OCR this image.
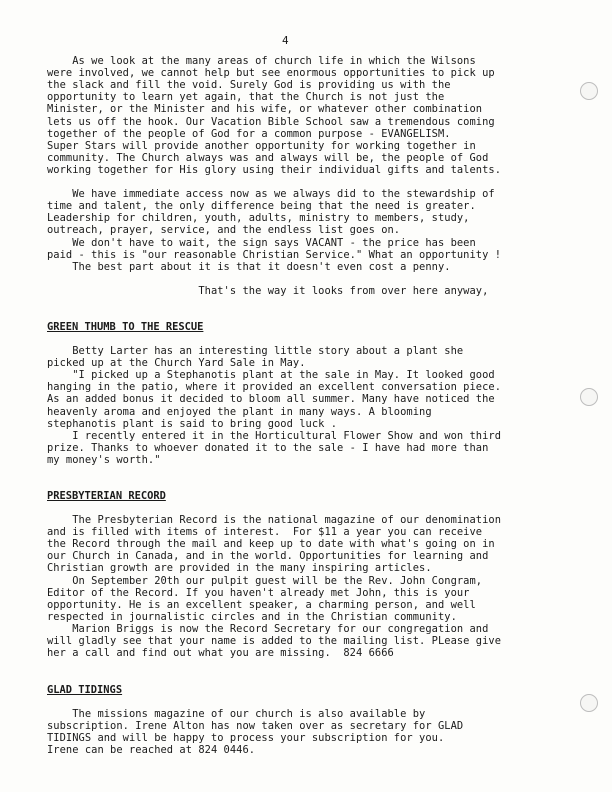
4
As we look at the many areas of church life in which the Wilsons
were involved, we cannot help but see enormous opportunities to pick up
the slack and fill the void. Surely God is providing us with the
opportunity to learn yet again, that the Church is not just the
Minister, or the Minister and his wife, or whatever other combination
lets us off the hook. Our Vacation Bible School saw a tremendous coming
together of the people of God for a common purpose - EVANGELISM.
Super Stars will provide another opportunity for working together in
community. The Church always was and always will be, the people of God
working together for His glory using their individual gifts and talents.
We have immediate access now as we always did to the stewardship of
time and talent, the only difference being that the need is greater.
Leadership for children, youth, adults, ministry to members, study,
outreach, prayer, service, and the endless list goes on.
We don't have to wait, the sign says VACANT - the price has been
paid - this is "our reasonable Christian Service." What an opportunity !
The best part about it is that it doesn't even cost a penny.
That's the way it looks from over here anyway,
GREEN THUMB TO THE RESCUE
Betty Larter has an interesting little story about a plant she
picked up at the Church Yard Sale in May.
"I picked up a Stephanotis plant at the sale in May. It looked good
hanging in the patio, where it provided an excellent conversation piece.
As an added bonus it decided to bloom all summer. Many have noticed the
heavenly aroma and enjoyed the plant in many ways. A blooming
stephanotis plant is said to bring good luck .
I recently entered it in the Horticultural Flower Show and won third
prize. Thanks to whoever donated it to the sale - I have had more than
my money's worth."
PRESBYTERIAN RECORD
The Presbyterian Record is the national magazine of our denomination
and is filled with items of interest.  For $11 a year you can receive
the Record through the mail and keep up to date with what's going on in
our Church in Canada, and in the world. Opportunities for learning and
Christian growth are provided in the many inspiring articles.
On September 20th our pulpit guest will be the Rev. John Congram,
Editor of the Record. If you haven't already met John, this is your
opportunity. He is an excellent speaker, a charming person, and well
respected in journalistic circles and in the Christian community.
Marion Briggs is now the Record Secretary for our congregation and
will gladly see that your name is added to the mailing list. PLease give
her a call and find out what you are missing.  824 6666
GLAD TIDINGS
The missions magazine of our church is also available by
subscription. Irene Alton has now taken over as secretary for GLAD
TIDINGS and will be happy to process your subscription for you.
Irene can be reached at 824 0446.
